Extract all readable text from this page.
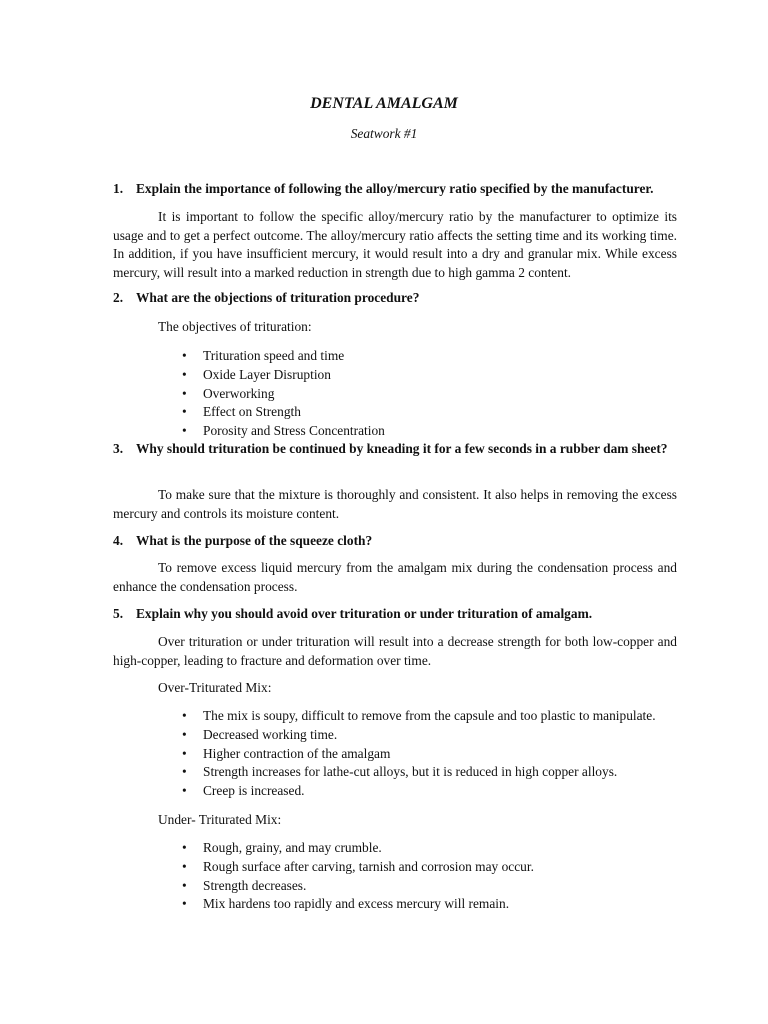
DENTAL AMALGAM
Seatwork #1
1. Explain the importance of following the alloy/mercury ratio specified by the manufacturer.
It is important to follow the specific alloy/mercury ratio by the manufacturer to optimize its usage and to get a perfect outcome. The alloy/mercury ratio affects the setting time and its working time. In addition, if you have insufficient mercury, it would result into a dry and granular mix. While excess mercury, will result into a marked reduction in strength due to high gamma 2 content.
2. What are the objections of trituration procedure?
The objectives of trituration:
• Trituration speed and time
• Oxide Layer Disruption
• Overworking
• Effect on Strength
• Porosity and Stress Concentration
3. Why should trituration be continued by kneading it for a few seconds in a rubber dam sheet?
To make sure that the mixture is thoroughly and consistent. It also helps in removing the excess mercury and controls its moisture content.
4. What is the purpose of the squeeze cloth?
To remove excess liquid mercury from the amalgam mix during the condensation process and enhance the condensation process.
5. Explain why you should avoid over trituration or under trituration of amalgam.
Over trituration or under trituration will result into a decrease strength for both low-copper and high-copper, leading to fracture and deformation over time.
Over-Triturated Mix:
• The mix is soupy, difficult to remove from the capsule and too plastic to manipulate.
• Decreased working time.
• Higher contraction of the amalgam
• Strength increases for lathe-cut alloys, but it is reduced in high copper alloys.
• Creep is increased.
Under- Triturated Mix:
• Rough, grainy, and may crumble.
• Rough surface after carving, tarnish and corrosion may occur.
• Strength decreases.
• Mix hardens too rapidly and excess mercury will remain.
